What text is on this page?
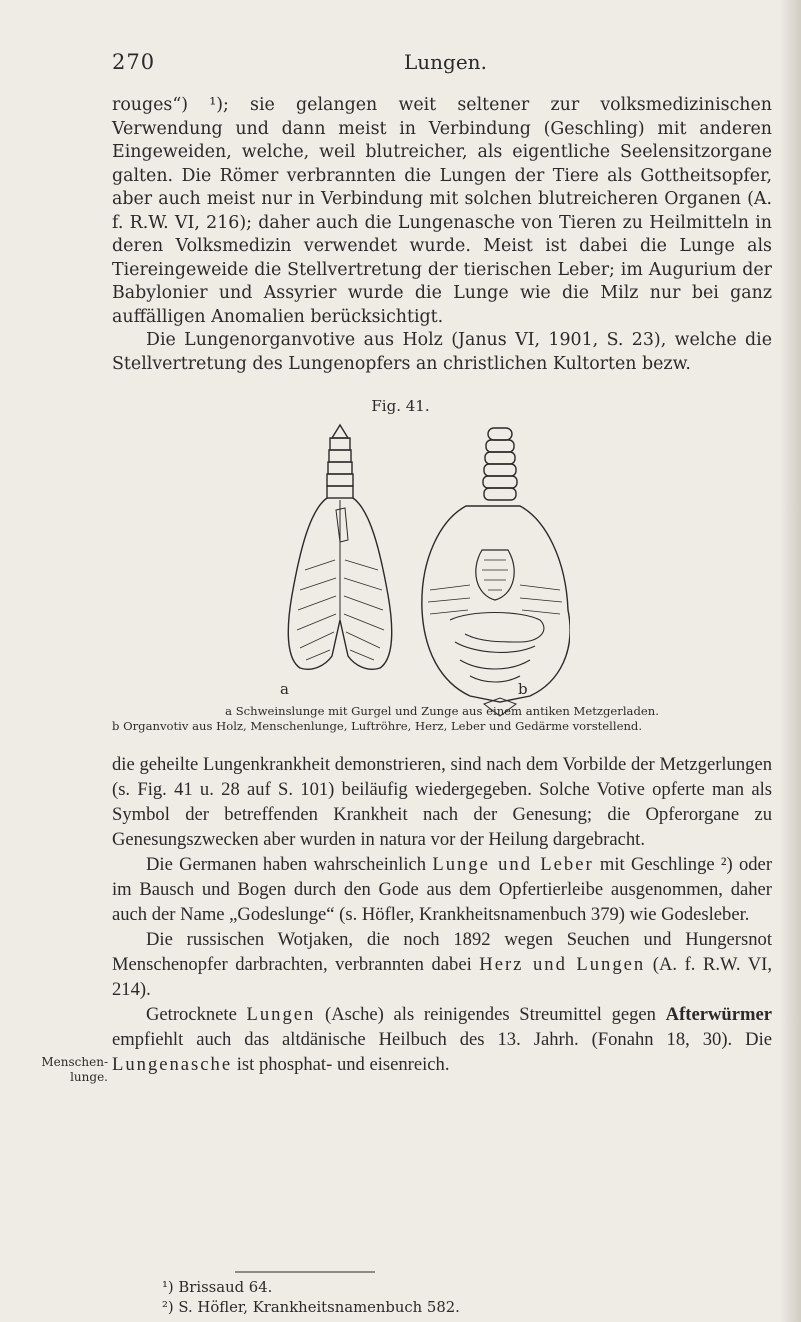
270	Lungen.

rouges“) ¹); sie gelangen weit seltener zur volksmedizinischen Verwendung und dann meist in Verbindung (Geschling) mit anderen Eingeweiden, welche, weil blutreicher, als eigentliche Seelensitzorgane galten. Die Römer verbrannten die Lungen der Tiere als Gottheitsopfer, aber auch meist nur in Verbindung mit solchen blutreicheren Organen (A. f. R.W. VI, 216); daher auch die Lungenasche von Tieren zu Heilmitteln in deren Volksmedizin verwendet wurde. Meist ist dabei die Lunge als Tiereingeweide die Stellvertretung der tierischen Leber; im Augurium der Babylonier und Assyrier wurde die Lunge wie die Milz nur bei ganz auffälligen Anomalien berücksichtigt.

Die Lungenorganvotive aus Holz (Janus VI, 1901, S. 23), welche die Stellvertretung des Lungenopfers an christlichen Kultorten bezw.

Fig. 41.
a	b
a Schweinslunge mit Gurgel und Zunge aus einem antiken Metzgerladen.
b Organvotiv aus Holz, Menschenlunge, Luftröhre, Herz, Leber und Gedärme vorstellend.

die geheilte Lungenkrankheit demonstrieren, sind nach dem Vorbilde der Metzgerlungen (s. Fig. 41 u. 28 auf S. 101) beiläufig wiedergegeben. Solche Votive opferte man als Symbol der betreffenden Krankheit nach der Genesung; die Opferorgane zu Genesungszwecken aber wurden in natura vor der Heilung dargebracht.

Die Germanen haben wahrscheinlich Lunge und Leber mit Geschlinge ²) oder im Bausch und Bogen durch den Gode aus dem Opfertierleibe ausgenommen, daher auch der Name „Godeslunge“ (s. Höfler, Krankheitsnamenbuch 379) wie Godesleber.

Die russischen Wotjaken, die noch 1892 wegen Seuchen und Hungersnot Menschenopfer darbrachten, verbrannten dabei Herz und Lungen (A. f. R.W. VI, 214).

Getrocknete Lungen (Asche) als reinigendes Streumittel gegen Afterwürmer empfiehlt auch das altdänische Heilbuch des 13. Jahrh. (Fonahn 18, 30). Die Lungenasche ist phosphat- und eisenreich.

Menschen-lunge.
¹) Brissaud 64.
²) S. Höfler, Krankheitsnamenbuch 582.
